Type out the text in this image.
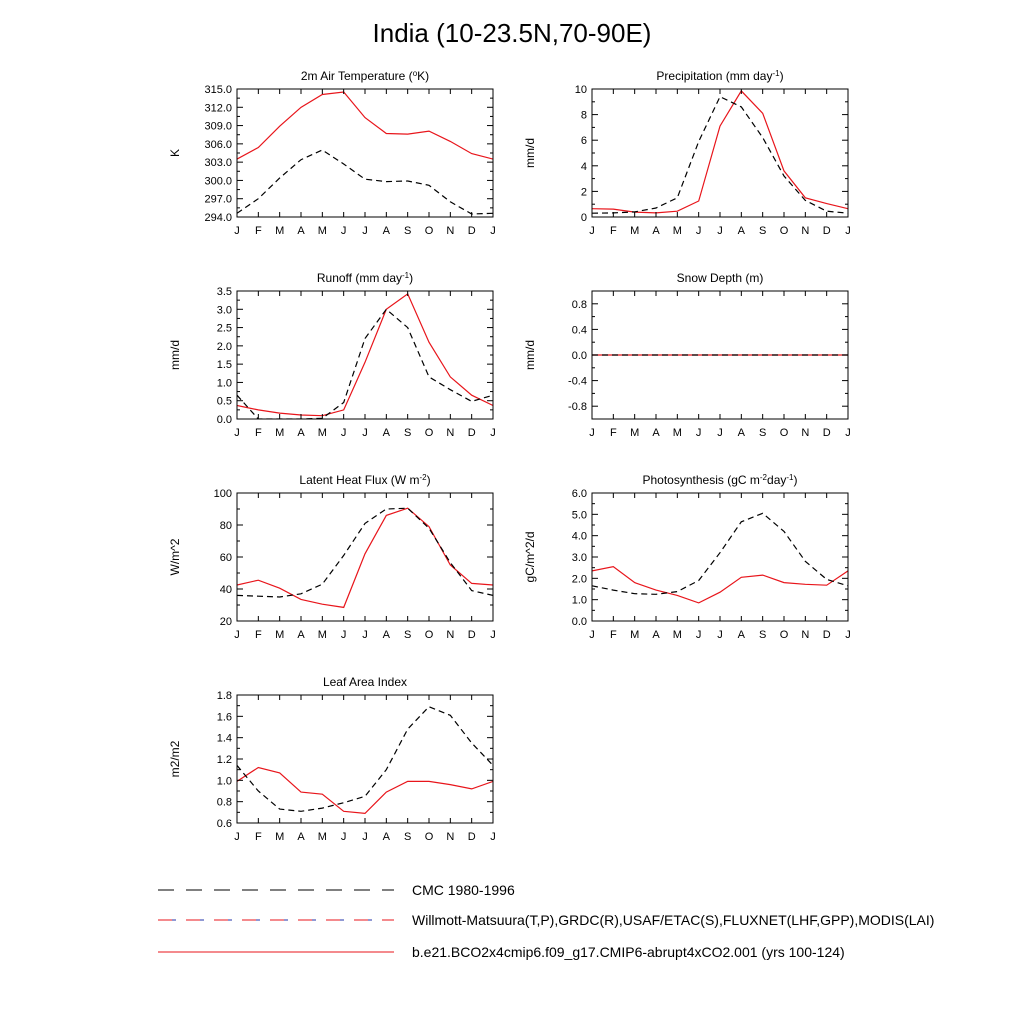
India (10-23.5N,70-90E)
2m Air Temperature ($^o$K)
K
J F M A M J J A S O N D J
294.0
297.0
300.0
303.0
306.0
309.0
312.0
315.0
Precipitation (mm day$^{-1}$)
mm/d
J F M A M J J A S O N D J
0
2
4
6
8
10
Runoff (mm day$^{-1}$)
mm/d
J F M A M J J A S O N D J
0.0
0.5
1.0
1.5
2.0
2.5
3.0
3.5
Snow Depth (m)
mm/d
J F M A M J J A S O N D J
-0.8
-0.4
0.0
0.4
0.8
Latent Heat Flux (W $m^{-2}$)
W/m^2
J F M A M J J A S O N D J
20
40
60
80
100
Photosynthesis (gC $m^{-2}day^{-1}$)
gC/m^2/d
J F M A M J J A S O N D J
0.0
1.0
2.0
3.0
4.0
5.0
6.0
Leaf Area Index
m2/m2
J F M A M J J A S O N D J
0.6
0.8
1.0
1.2
1.4
1.6
1.8
CMC 1980-1996
Willmott-Matsuura(T,P),GRDC(R),USAF/ETAC(S),FLUXNET(LHF,GPP),MODIS(LAI)
b.e21.BCO2x4cmip6.f09_g17.CMIP6-abrupt4xCO2.001 (yrs 100-124)
